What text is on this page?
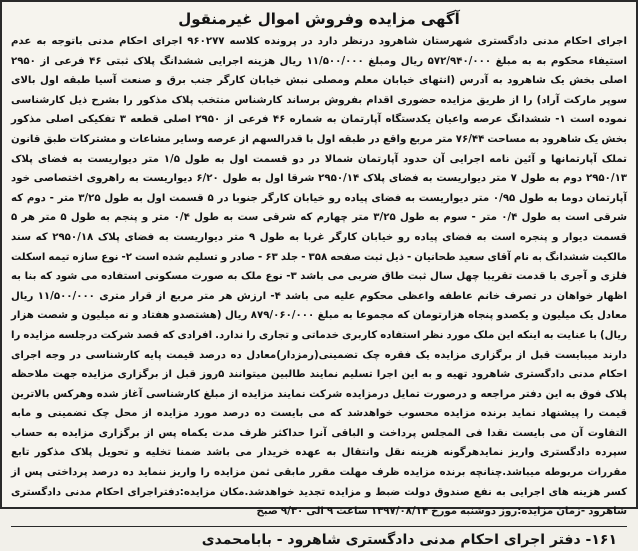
آگهی مزایده وفروش اموال غیرمنقول

اجرای احکام مدنی دادگستری شهرستان شاهرود درنظر دارد در پرونده کلاسه ۹۶۰۲۷۷ اجرای احکام مدنی باتوجه به عدم استیفاء محکوم به به مبلغ ۵۷۲/۹۴۰/۰۰۰ ریال ومبلغ ۱۱/۵۰۰/۰۰۰ ریال هزینه اجرایی ششدانگ پلاک ثبتی ۴۶ فرعی از ۲۹۵۰ اصلی بخش یک شاهرود به آدرس (انتهای خیابان معلم ومصلی نبش خیابان کارگر جنب برق و صنعت آسیا طبقه اول بالای سوپر مارکت آراد) را از طریق مزایده حضوری اقدام بفروش برساند کارشناس منتخب پلاک مذکور را بشرح ذیل کارشناسی نموده است ۱- ششدانگ عرصه واعیان یکدستگاه آپارتمان به شماره ۴۶ فرعی از ۲۹۵۰ اصلی قطعه ۳ تفکیکی اصلی مذکور بخش یک شاهرود به مساحت ۷۶/۴۴ متر مربع واقع در طبقه اول با قدرالسهم از عرصه وسایر مشاعات و مشترکات طبق قانون تملک آپارتمانها و آئین نامه اجرایی آن حدود آپارتمان شمالا در دو قسمت اول به طول ۱/۵ متر دیواریست به فضای پلاک ۲۹۵۰/۱۳ دوم به طول ۷ متر دیواریست به فضای پلاک ۲۹۵۰/۱۴ شرقا اول به طول ۶/۲۰ دیواریست به راهروی اختصاصی خود آپارتمان دوما به طول ۰/۹۵ متر دیواریست به فضای پیاده رو خیابان کارگر جنوبا در ۵ قسمت اول به طول ۳/۲۵ متر - دوم که شرقی است به طول ۰/۴ متر - سوم به طول ۳/۲۵ متر چهارم که شرقی ست به طول ۰/۴ متر و پنجم به طول ۵ متر هر ۵ قسمت دیوار و پنجره است به فضای پیاده رو خیابان کارگر غربا به طول ۹ متر دیواریست به فضای پلاک ۲۹۵۰/۱۸ که سند مالکیت ششدانگ به نام آقای سعید طحانیان - ذیل ثبت صفحه ۳۵۸ - جلد ۶۳ - صادر و تسلیم شده است ۲- نوع سازه تیمه اسکلت فلزی و آجری با قدمت تقریبا چهل سال ثبت طاق ضربی می باشد ۳- نوع ملک به صورت مسکونی استفاده می شود که بنا به اظهار خواهان در تصرف خانم عاطفه واعظی محکوم علیه می باشد ۴- ارزش هر متر مربع از قرار متری ۱۱/۵۰۰/۰۰۰ ریال معادل یک میلیون و یکصدو پنجاه هزارتومان که مجموعا به مبلغ ۸۷۹/۰۶۰/۰۰۰ ریال (هشتصدو هفتاد و نه میلیون و شصت هزار ریال) با عنایت به اینکه این ملک مورد نظر استفاده کاربری خدماتی و تجاری را ندارد. افرادی که قصد شرکت درجلسه مزایده را دارند میبایست قبل از برگزاری مزایده یک فقره چک تضمینی(رمزدار)معادل ده درصد قیمت پایه کارشناسی در وجه اجرای احکام مدنی دادگستری شاهرود تهیه و به این اجرا تسلیم نمایند طالبین میتوانند ۵روز قبل از برگزاری مزایده جهت ملاحظه پلاک فوق به این دفتر مراجعه و درصورت تمایل درمزایده شرکت نمایند مزایده از مبلغ کارشناسی آغاز شده وهرکس بالاترین قیمت را پیشنهاد نماید برنده مزایده محسوب خواهدشد که می بایست ده درصد مورد مزایده از محل چک تضمینی و مابه التفاوت آن می بایست نقدا فی المجلس پرداخت و الباقی آنرا حداکثر ظرف مدت یکماه پس از برگزاری مزایده به حساب سپرده دادگستری واریز نمایدهرگونه هزینه نقل وانتقال به عهده خریدار می باشد ضمنا تخلیه و تحویل پلاک مذکور تابع مقررات مربوطه میباشد.چنانچه برنده مزایده ظرف مهلت مقرر مابقی ثمن مزایده را واریز ننماید ده درصد پرداختی پس از کسر هزینه های اجرایی به نفع صندوق دولت ضبط و مزایده تجدید خواهدشد.مکان مزایده:دفتراجرای احکام مدنی دادگستری شاهرود -زمان مزایده:روز دوشنبه مورخ ۱۳۹۷/۰۸/۱۴ ساعت ۹ الی ۹/۳۰ صبح

۱۶۱- دفتر اجرای احکام مدنی دادگستری شاهرود - بابامحمدی
